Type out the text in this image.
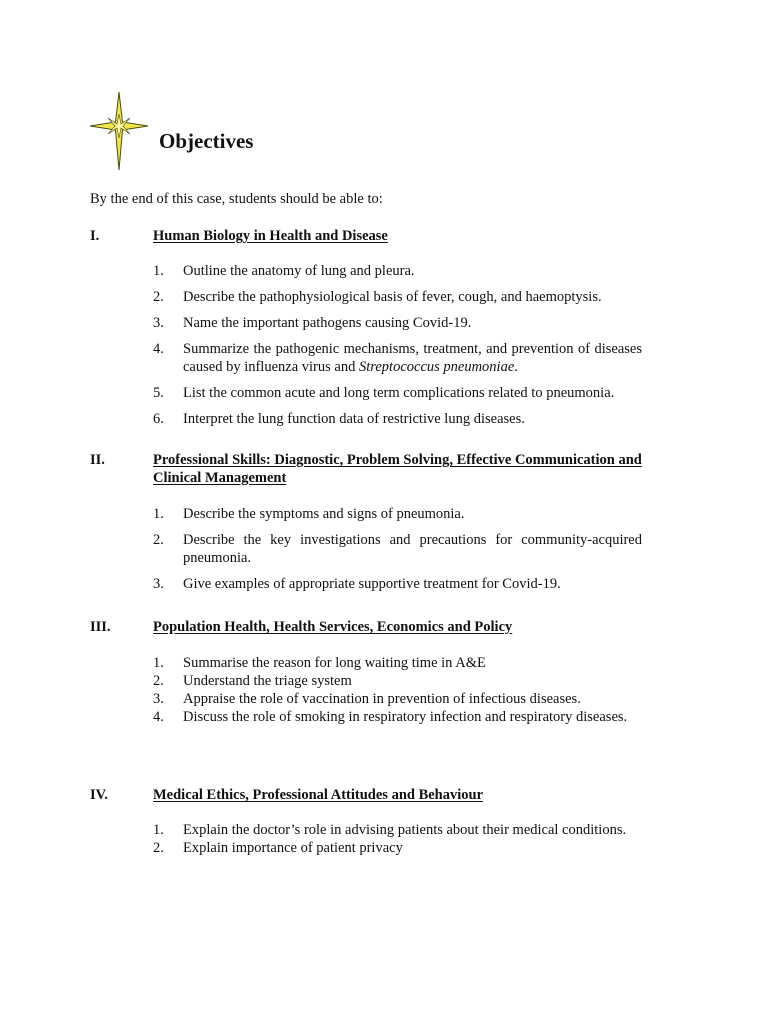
Objectives

By the end of this case, students should be able to:

I.	Human Biology in Health and Disease
1.	Outline the anatomy of lung and pleura.
2.	Describe the pathophysiological basis of fever, cough, and haemoptysis.
3.	Name the important pathogens causing Covid-19.
4.	Summarize the pathogenic mechanisms, treatment, and prevention of diseases caused by influenza virus and Streptococcus pneumoniae.
5.	List the common acute and long term complications related to pneumonia.
6.	Interpret the lung function data of restrictive lung diseases.
II.	Professional Skills: Diagnostic, Problem Solving, Effective Communication and Clinical Management
1.	Describe the symptoms and signs of pneumonia.
2.	Describe the key investigations and precautions for community-acquired pneumonia.
3.	Give examples of appropriate supportive treatment for Covid-19.
III.	Population Health, Health Services, Economics and Policy
1.	Summarise the reason for long waiting time in A&E
2.	Understand the triage system
3.	Appraise the role of vaccination in prevention of infectious diseases.
4.	Discuss the role of smoking in respiratory infection and respiratory diseases.
IV.	Medical Ethics, Professional Attitudes and Behaviour
1.	Explain the doctor’s role in advising patients about their medical conditions.
2.	Explain importance of patient privacy
